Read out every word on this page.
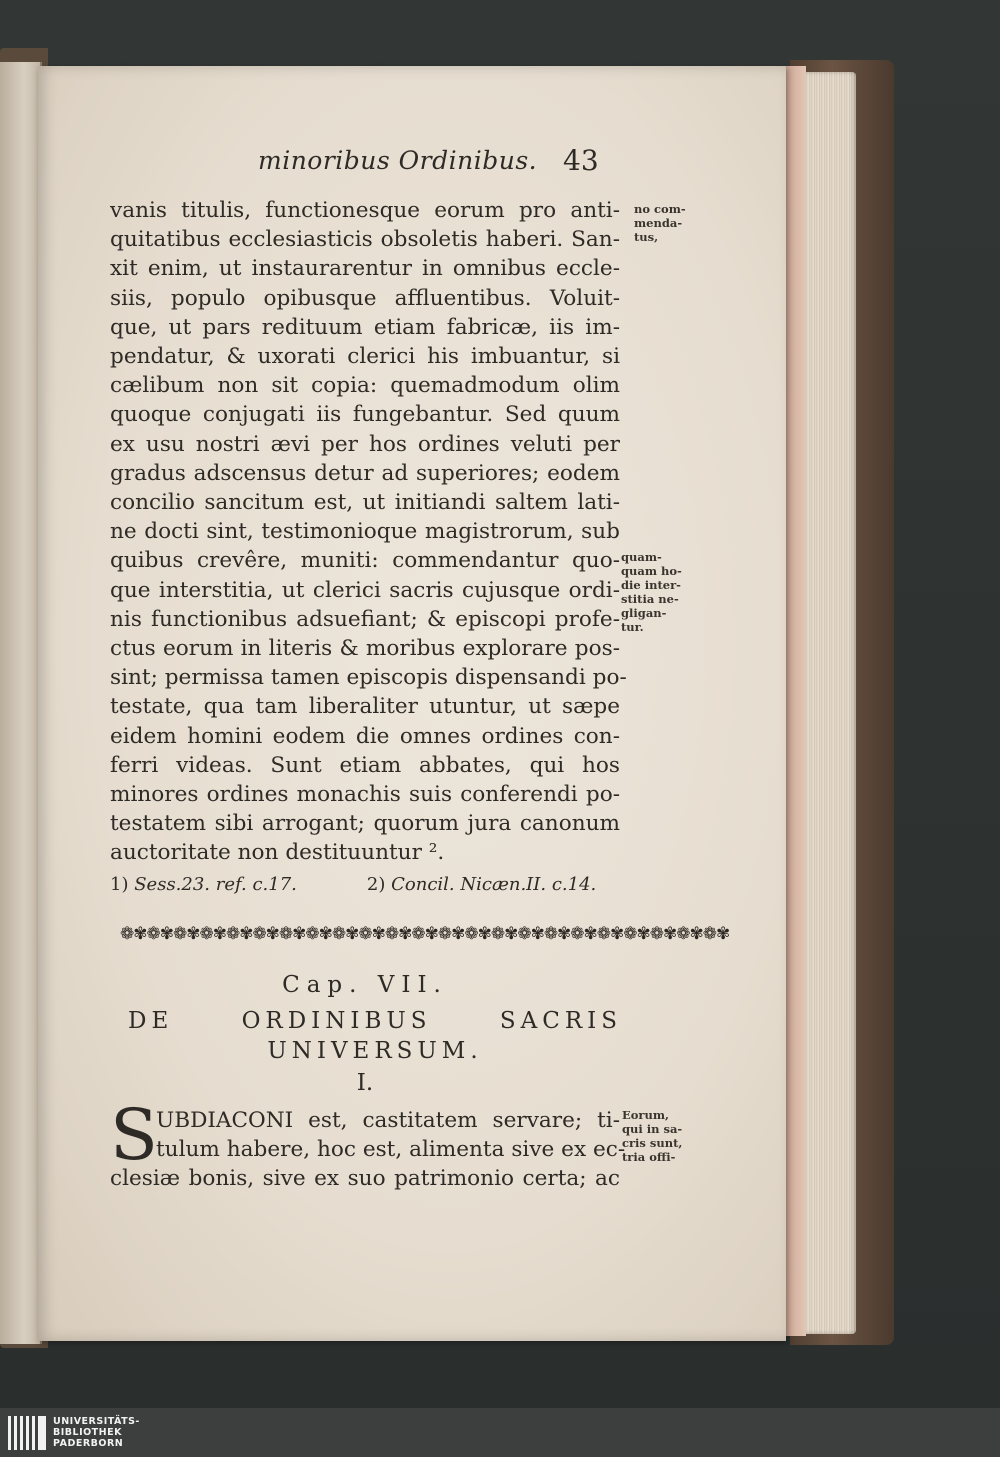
minoribus Ordinibus. 43
vanis titulis, functionesque eorum pro anti-
quitatibus ecclesiasticis obsoletis haberi. San-
xit enim, ut instaurarentur in omnibus eccle-
siis, populo opibusque affluentibus. Voluit-
que, ut pars redituum etiam fabricæ, iis im-
pendatur, & uxorati clerici his imbuantur, si
cælibum non sit copia: quemadmodum olim
quoque conjugati iis fungebantur. Sed quum
ex usu nostri ævi per hos ordines veluti per
gradus adscensus detur ad superiores; eodem
concilio sancitum est, ut initiandi saltem lati-
ne docti sint, testimonioque magistrorum, sub
quibus crevêre, muniti: commendantur quo-
que interstitia, ut clerici sacris cujusque ordi-
nis functionibus adsuefiant; & episcopi profe-
ctus eorum in literis & moribus explorare pos-
sint; permissa tamen episcopis dispensandi po-
testate, qua tam liberaliter utuntur, ut sæpe
eidem homini eodem die omnes ordines con-
ferri videas. Sunt etiam abbates, qui hos
minores ordines monachis suis conferendi po-
testatem sibi arrogant; quorum jura canonum
auctoritate non destituuntur ².
no com-
menda-
tus,
quam-
quam ho-
die inter-
stitia ne-
gligan-
tur.
Eorum,
qui in sa-
cris sunt,
tria offi-
1) Sess.23. ref. c.17.	2) Concil. Nicæn.II. c.14.
❁✾❁✾❁✾❁✾❁✾❁✾❁✾❁✾❁✾❁✾❁✾❁✾❁✾❁✾❁✾❁✾❁✾❁✾❁✾❁✾❁✾❁✾❁✾
Cap. VII.
DE ORDINIBUS SACRIS
UNIVERSUM.
I.
S
UBDIACONI est, castitatem servare; ti-
tulum habere, hoc est, alimenta sive ex ec-
clesiæ bonis, sive ex suo patrimonio certa; ac
UNIVERSITÄTS-
BIBLIOTHEK
PADERBORN
